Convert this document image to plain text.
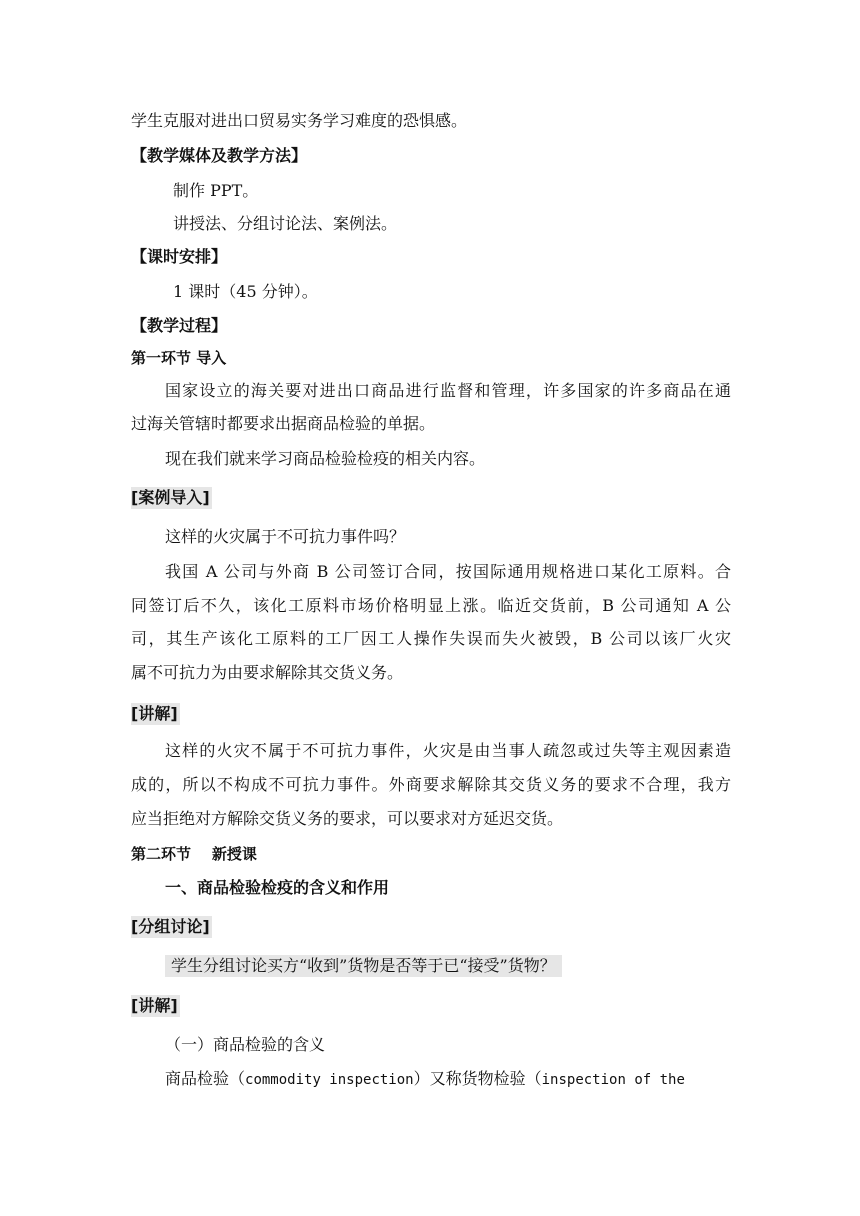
学生克服对进出口贸易实务学习难度的恐惧感。
【教学媒体及教学方法】
制作 PPT。
讲授法、分组讨论法、案例法。
【课时安排】
1 课时（45 分钟）。
【教学过程】
第一环节 导入
国家设立的海关要对进出口商品进行监督和管理，许多国家的许多商品在通
过海关管辖时都要求出据商品检验的单据。
现在我们就来学习商品检验检疫的相关内容。
[案例导入]
这样的火灾属于不可抗力事件吗？
我国 A 公司与外商 B 公司签订合同，按国际通用规格进口某化工原料。合
同签订后不久，该化工原料市场价格明显上涨。临近交货前，B 公司通知 A 公
司，其生产该化工原料的工厂因工人操作失误而失火被毁，B 公司以该厂火灾
属不可抗力为由要求解除其交货义务。
[讲解]
这样的火灾不属于不可抗力事件，火灾是由当事人疏忽或过失等主观因素造
成的，所以不构成不可抗力事件。外商要求解除其交货义务的要求不合理，我方
应当拒绝对方解除交货义务的要求，可以要求对方延迟交货。
第二环节    新授课
一、商品检验检疫的含义和作用
[分组讨论]
学生分组讨论买方“收到”货物是否等于已“接受”货物？
[讲解]
（一）商品检验的含义
商品检验（commodity inspection）又称货物检验（inspection of the
